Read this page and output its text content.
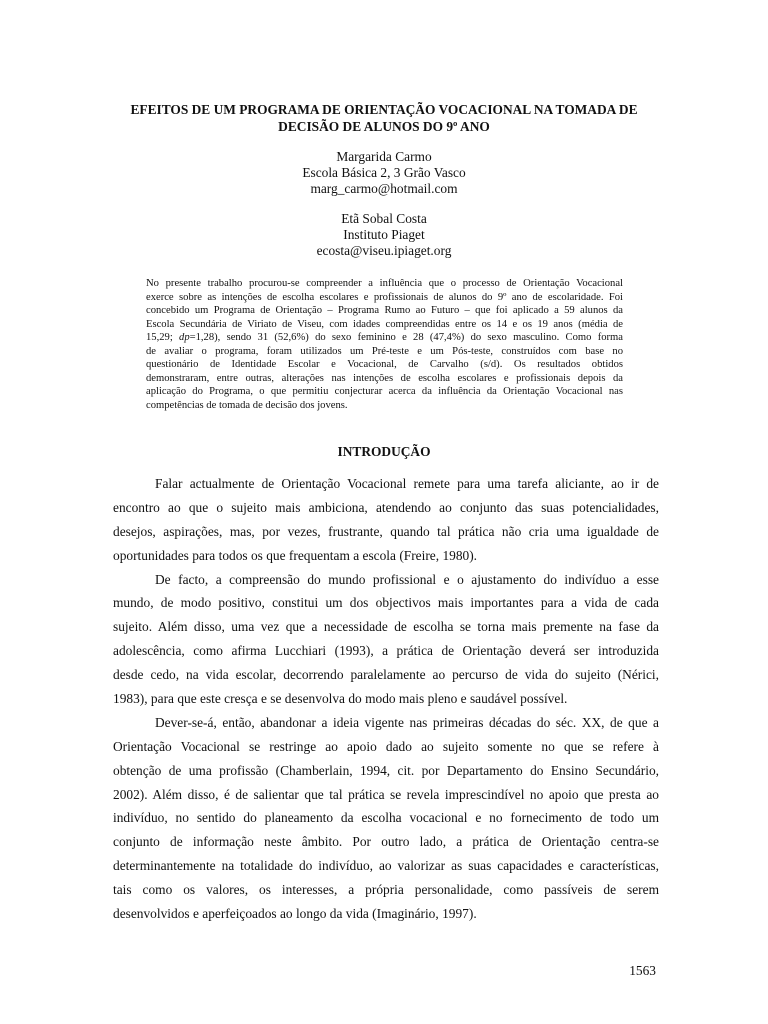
EFEITOS DE UM PROGRAMA DE ORIENTAÇÃO VOCACIONAL NA TOMADA DE
DECISÃO DE ALUNOS DO 9º ANO
Margarida Carmo
Escola Básica 2, 3 Grão Vasco
marg_carmo@hotmail.com
Etã Sobal Costa
Instituto Piaget
ecosta@viseu.ipiaget.org
No presente trabalho procurou-se compreender a influência que o processo de Orientação Vocacional
exerce sobre as intenções de escolha escolares e profissionais de alunos do 9º ano de escolaridade. Foi
concebido um Programa de Orientação – Programa Rumo ao Futuro – que foi aplicado a 59 alunos da
Escola Secundária de Viriato de Viseu, com idades compreendidas entre os 14 e os 19 anos (média de
15,29; dp=1,28), sendo 31 (52,6%) do sexo feminino e 28 (47,4%) do sexo masculino. Como forma
de avaliar o programa, foram utilizados um Pré-teste e um Pós-teste, construídos com base no
questionário de Identidade Escolar e Vocacional, de Carvalho (s/d). Os resultados obtidos
demonstraram, entre outras, alterações nas intenções de escolha escolares e profissionais depois da
aplicação do Programa, o que permitiu conjecturar acerca da influência da Orientação Vocacional nas
competências de tomada de decisão dos jovens.
INTRODUÇÃO
Falar actualmente de Orientação Vocacional remete para uma tarefa aliciante, ao ir de
encontro ao que o sujeito mais ambiciona, atendendo ao conjunto das suas potencialidades,
desejos, aspirações, mas, por vezes, frustrante, quando tal prática não cria uma igualdade de
oportunidades para todos os que frequentam a escola (Freire, 1980).
De facto, a compreensão do mundo profissional e o ajustamento do indivíduo a esse
mundo, de modo positivo, constitui um dos objectivos mais importantes para a vida de cada
sujeito. Além disso, uma vez que a necessidade de escolha se torna mais premente na fase da
adolescência, como afirma Lucchiari (1993), a prática de Orientação deverá ser introduzida
desde cedo, na vida escolar, decorrendo paralelamente ao percurso de vida do sujeito (Nérici,
1983), para que este cresça e se desenvolva do modo mais pleno e saudável possível.
Dever-se-á, então, abandonar a ideia vigente nas primeiras décadas do séc. XX, de que a
Orientação Vocacional se restringe ao apoio dado ao sujeito somente no que se refere à
obtenção de uma profissão (Chamberlain, 1994, cit. por Departamento do Ensino Secundário,
2002). Além disso, é de salientar que tal prática se revela imprescindível no apoio que presta ao
indivíduo, no sentido do planeamento da escolha vocacional e no fornecimento de todo um
conjunto de informação neste âmbito. Por outro lado, a prática de Orientação centra-se
determinantemente na totalidade do indivíduo, ao valorizar as suas capacidades e características,
tais como os valores, os interesses, a própria personalidade, como passíveis de serem
desenvolvidos e aperfeiçoados ao longo da vida (Imaginário, 1997).
1563
